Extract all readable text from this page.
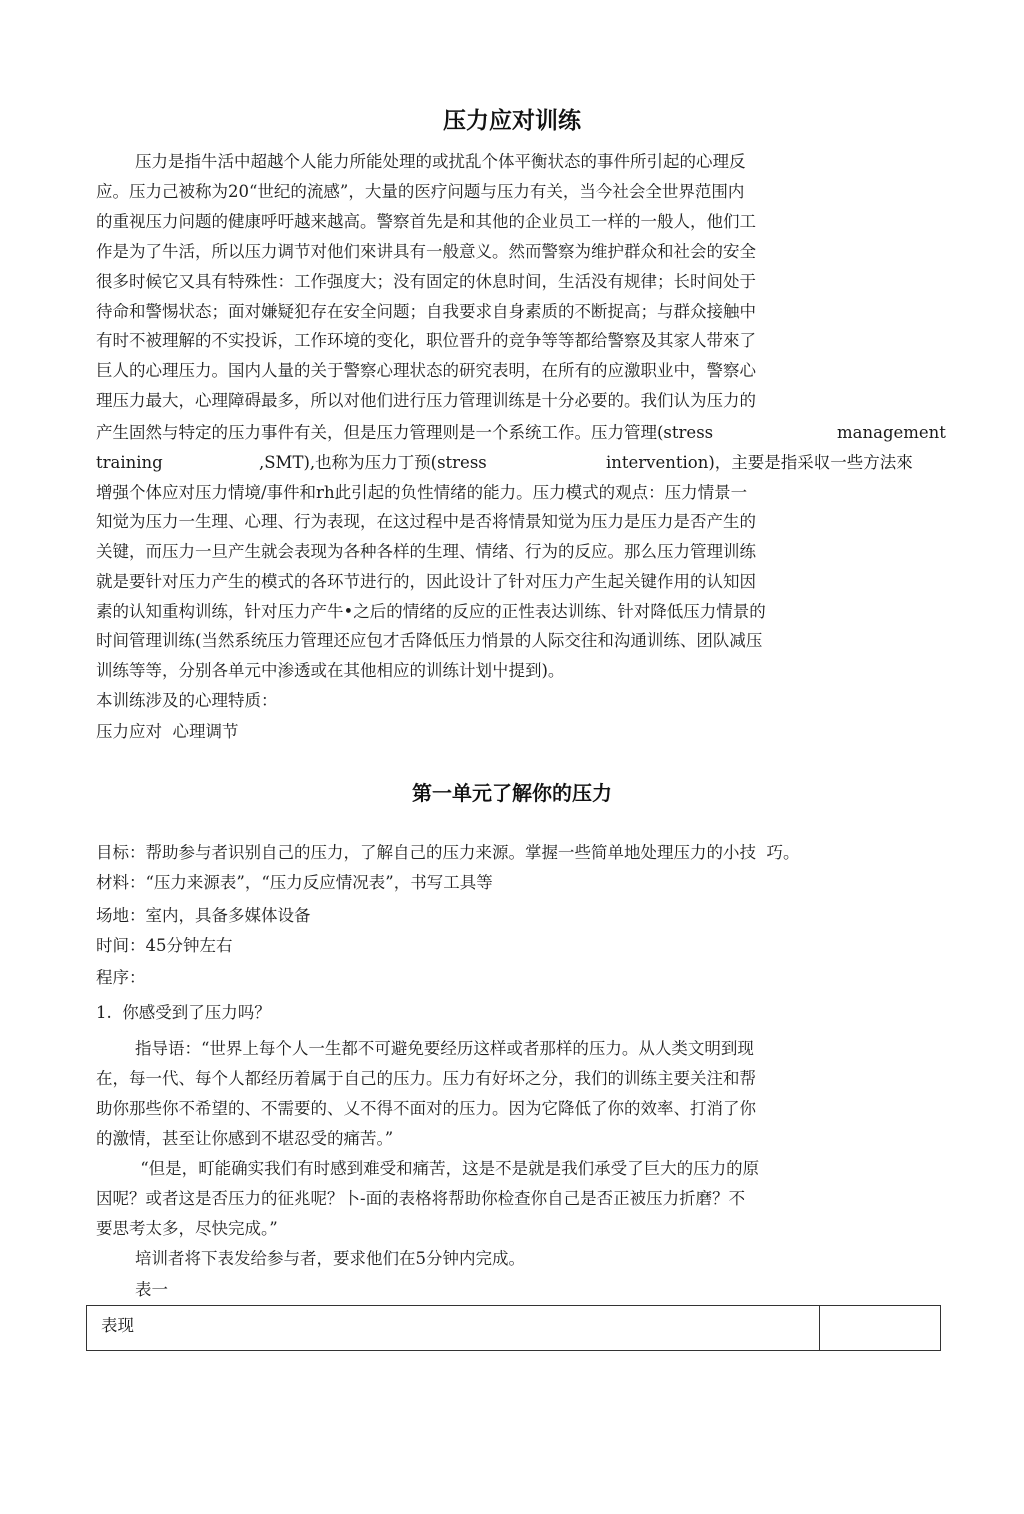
压力应对训练

压力是指牛活中超越个人能力所能处理的或扰乱个体平衡状态的事件所引起的心理反

应。压力己被称为20“世纪的流感”，大量的医疗问题与压力有关，当今社会全世界范围内

的重视压力问题的健康呼吁越来越高。警察首先是和其他的企业员工一样的一般人，他们工

作是为了牛活，所以压力调节对他们來讲具有一般意义。然而警察为维护群众和社会的安全

很多时候它又具有特殊性：工作强度大；没有固定的休息时间，生活没有规律；长时间处于

待命和警惕状态；面对嫌疑犯存在安全问题；自我要求自身素质的不断捉高；与群众接触中

有时不被理解的不实投诉，工作环境的变化，职位晋升的竞争等等都给警察及其家人带來了

巨人的心理压力。国内人量的关于警察心理状态的研究表明，在所有的应激职业中，警察心

理压力最大，心理障碍最多，所以对他们进行压力管理训练是十分必要的。我们认为压力的

产生固然与特定的压力事件有关，但是压力管理则是一个系统工作。压力管理(stress	management
training	,SMT),也称为压力丁预(stress	intervention)，主要是指采収一些方法來

增强个体应对压力情境/事件和rh此引起的负性情绪的能力。压力模式的观点：压力情景一

知觉为压力一生理、心理、行为表现，在这过程中是否将情景知觉为压力是压力是否产生的

关键，而压力一旦产生就会表现为各种各样的生理、情绪、行为的反应。那么压力管理训练

就是要针对压力产生的模式的各环节进行的，因此设计了针对压力产生起关键作用的认知因

素的认知重构训练，针对压力产牛•之后的情绪的反应的正性表达训练、针对降低压力情景的

时间管理训练(当然系统压力管理还应包才舌降低压力悄景的人际交往和沟通训练、团队减压

训练等等，分别各单元中渗透或在其他相应的训练计划屮提到)。

本训练涉及的心理特质：

压力应对  心理调节

第一单元了解你的压力

目标：帮助参与者识别自己的压力，了解自己的压力来源。掌握一些简单地处理压力的小技  巧。

材料：“压力来源表”，“压力反应情况表”，书写工具等

场地：室内，具备多媒体设备

时间：45分钟左右

程序：

1.  你感受到了压力吗？

指导语：“世界上每个人一生都不可避免要经历这样或者那样的压力。从人类文明到现

在，每一代、每个人都经历着属于自己的压力。压力有好坏之分，我们的训练主要关注和帮

助你那些你不希望的、不需要的、乂不得不面对的压力。因为它降低了你的效率、打消了你

的激情，甚至让你感到不堪忍受的痛苦。”

“但是，町能确实我们有时感到难受和痛苦，这是不是就是我们承受了巨大的压力的原

因呢？或者这是否压力的征兆呢？卜-面的表格将帮助你检查你自己是否正被压力折磨？不

要思考太多，尽快完成。”

培训者将下表发给参与者，要求他们在5分钟内完成。

表一

表现
